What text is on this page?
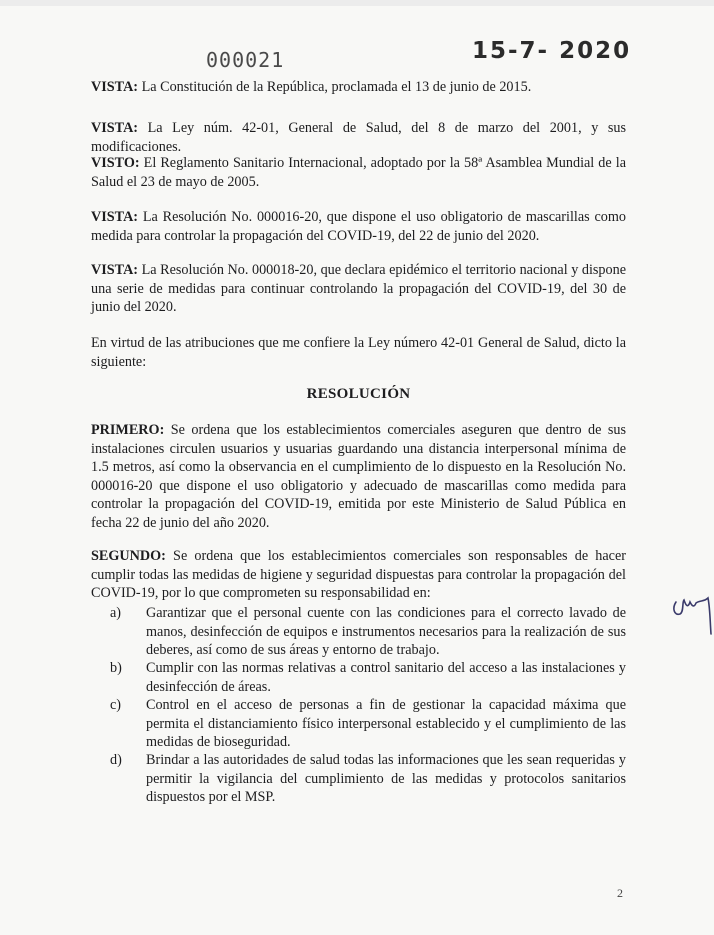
000021	15-7- 2020
VISTA: La Constitución de la República, proclamada el 13 de junio de 2015.
VISTA: La Ley núm. 42-01, General de Salud, del 8 de marzo del 2001, y sus modificaciones.
VISTO: El Reglamento Sanitario Internacional, adoptado por la 58ª Asamblea Mundial de la Salud el 23 de mayo de 2005.
VISTA: La Resolución No. 000016-20, que dispone el uso obligatorio de mascarillas como medida para controlar la propagación del COVID-19, del 22 de junio del 2020.
VISTA: La Resolución No. 000018-20, que declara epidémico el territorio nacional y dispone una serie de medidas para continuar controlando la propagación del COVID-19, del 30 de junio del 2020.
En virtud de las atribuciones que me confiere la Ley número 42-01 General de Salud, dicto la siguiente:
RESOLUCIÓN
PRIMERO: Se ordena que los establecimientos comerciales aseguren que dentro de sus instalaciones circulen usuarios y usuarias guardando una distancia interpersonal mínima de 1.5 metros, así como la observancia en el cumplimiento de lo dispuesto en la Resolución No. 000016-20 que dispone el uso obligatorio y adecuado de mascarillas como medida para controlar la propagación del COVID-19, emitida por este Ministerio de Salud Pública en fecha 22 de junio del año 2020.
SEGUNDO: Se ordena que los establecimientos comerciales son responsables de hacer cumplir todas las medidas de higiene y seguridad dispuestas para controlar la propagación del COVID-19, por lo que comprometen su responsabilidad en:
a)	Garantizar que el personal cuente con las condiciones para el correcto lavado de manos, desinfección de equipos e instrumentos necesarios para la realización de sus deberes, así como de sus áreas y entorno de trabajo.
b)	Cumplir con las normas relativas a control sanitario del acceso a las instalaciones y desinfección de áreas.
c)	Control en el acceso de personas a fin de gestionar la capacidad máxima que permita el distanciamiento físico interpersonal establecido y el cumplimiento de las medidas de bioseguridad.
d)	Brindar a las autoridades de salud todas las informaciones que les sean requeridas y permitir la vigilancia del cumplimiento de las medidas y protocolos sanitarios dispuestos por el MSP.
2
